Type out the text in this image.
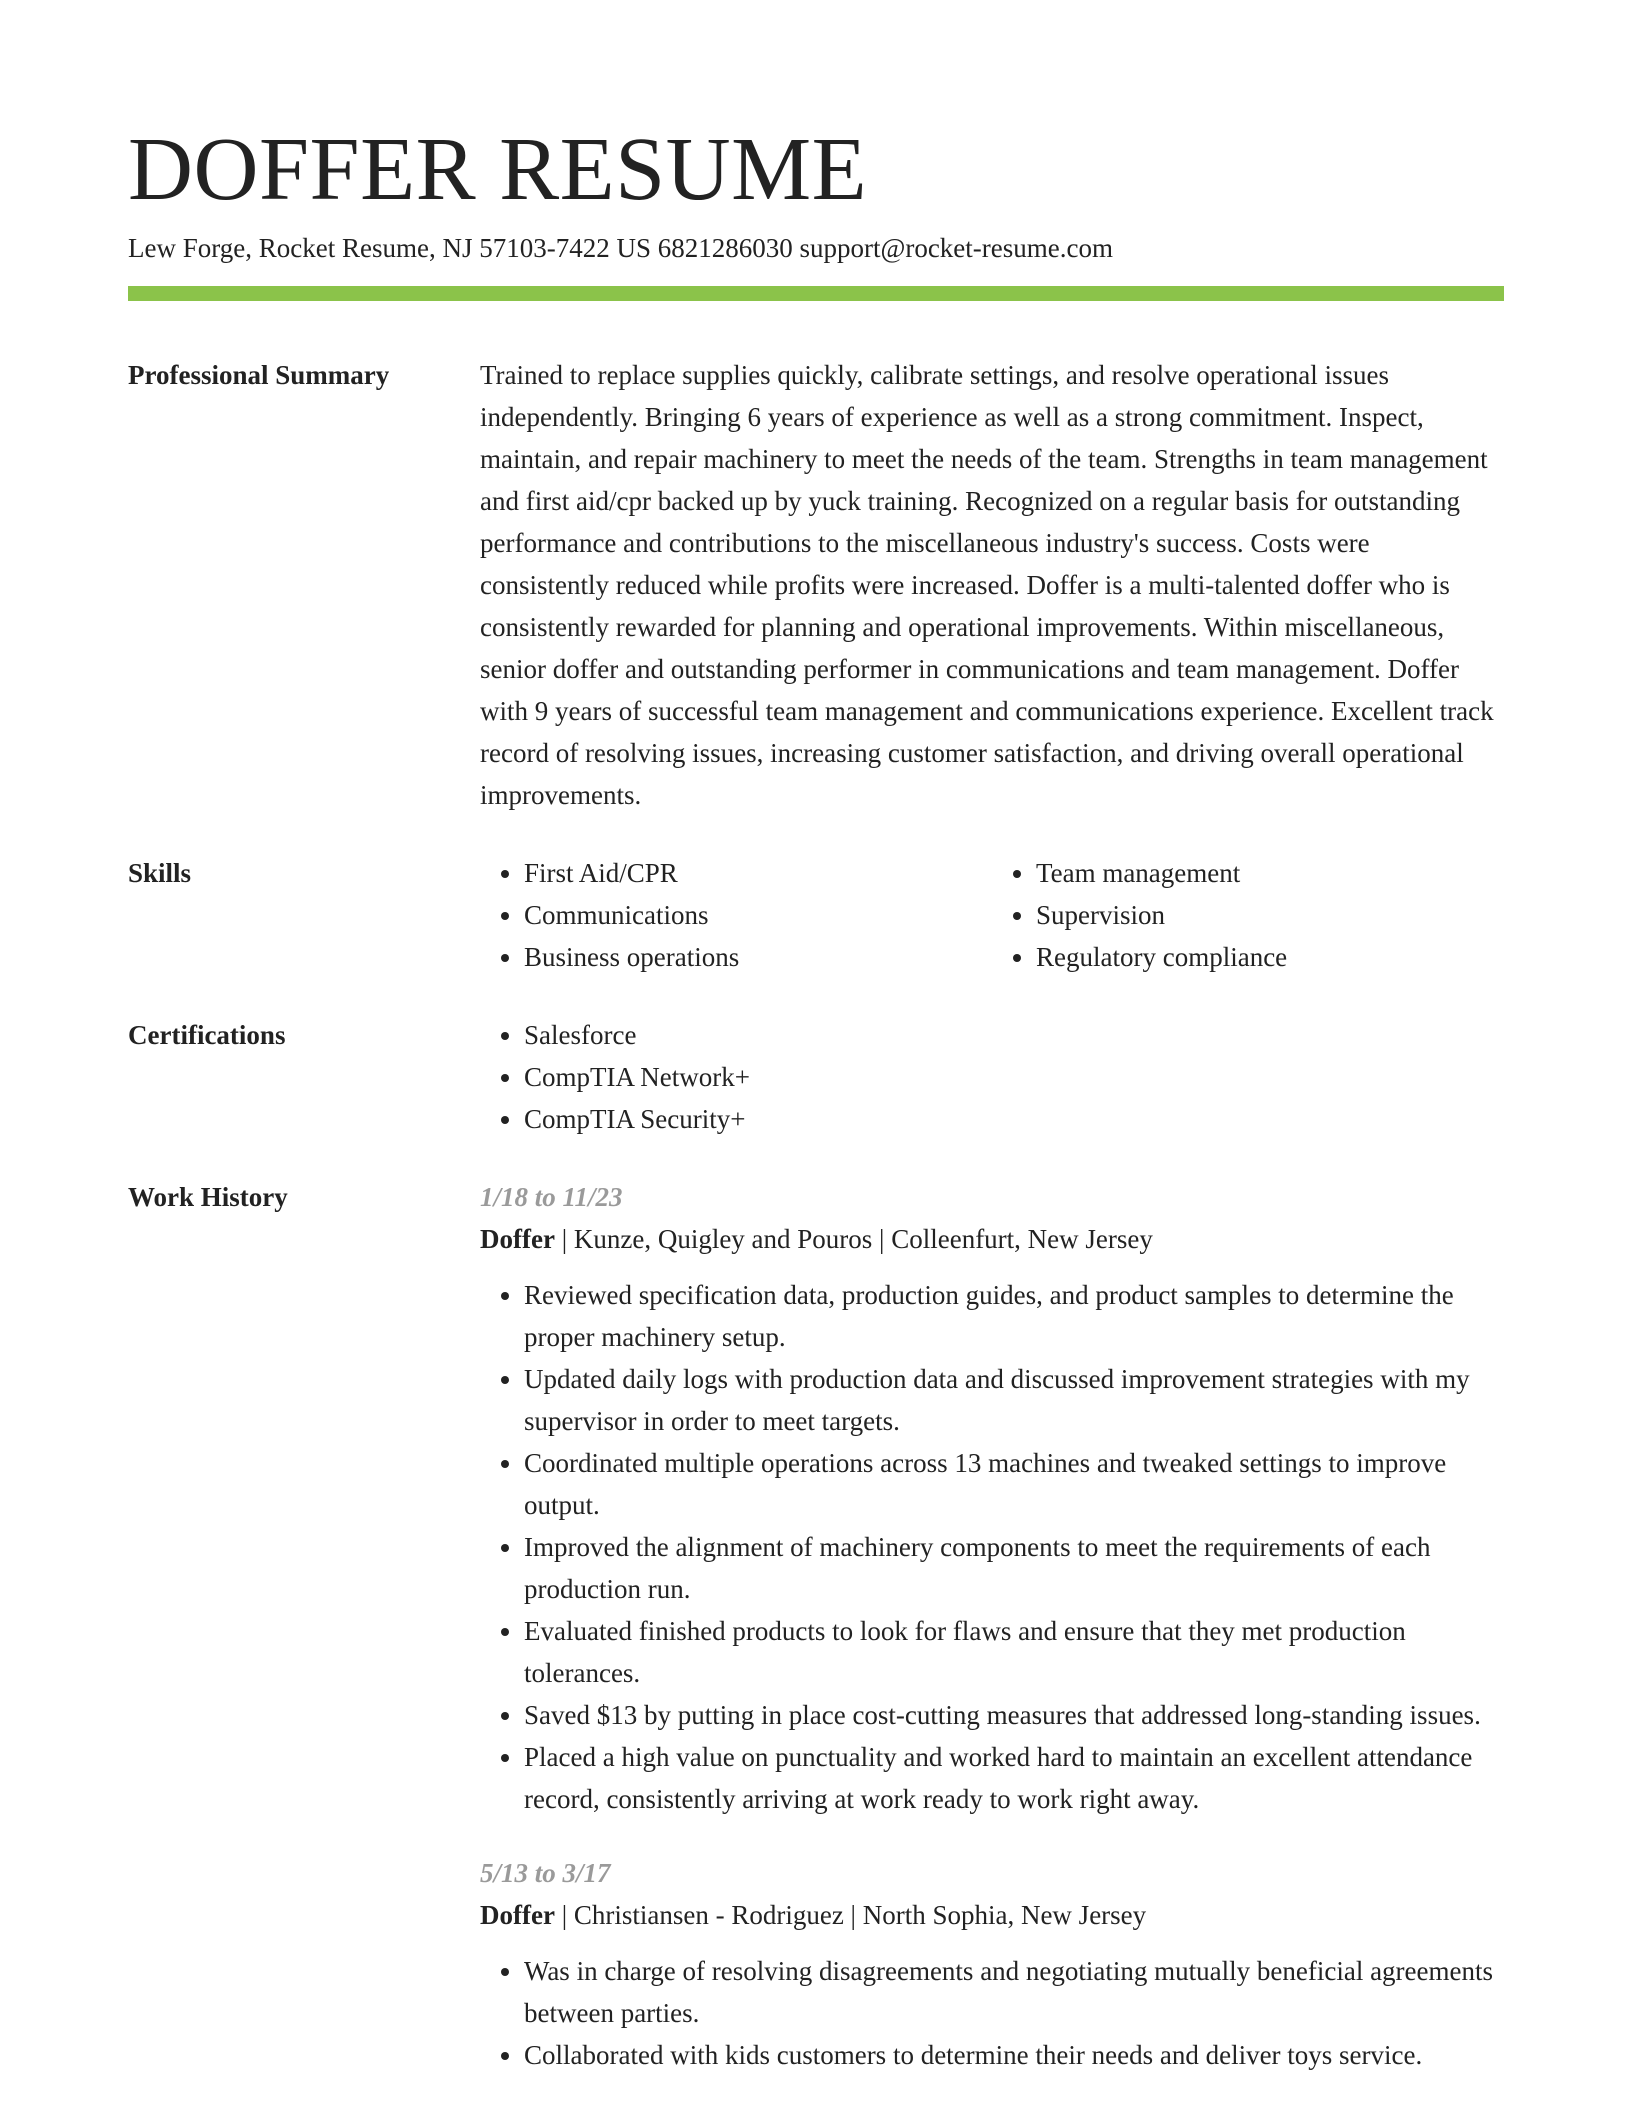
DOFFER RESUME
Lew Forge, Rocket Resume, NJ 57103-7422 US 6821286030 support@rocket-resume.com
Professional Summary	Trained to replace supplies quickly, calibrate settings, and resolve operational issues independently. Bringing 6 years of experience as well as a strong commitment. Inspect, maintain, and repair machinery to meet the needs of the team. Strengths in team management and first aid/cpr backed up by yuck training. Recognized on a regular basis for outstanding performance and contributions to the miscellaneous industry's success. Costs were consistently reduced while profits were increased. Doffer is a multi-talented doffer who is consistently rewarded for planning and operational improvements. Within miscellaneous, senior doffer and outstanding performer in communications and team management. Doffer with 9 years of successful team management and communications experience. Excellent track record of resolving issues, increasing customer satisfaction, and driving overall operational improvements.

Skills	• First Aid/CPR
• Communications
• Business operations
• Team management
• Supervision
• Regulatory compliance
Certifications	• Salesforce
• CompTIA Network+
• CompTIA Security+
Work History	1/18 to 11/23
Doffer | Kunze, Quigley and Pouros | Colleenfurt, New Jersey
• Reviewed specification data, production guides, and product samples to determine the proper machinery setup.
• Updated daily logs with production data and discussed improvement strategies with my supervisor in order to meet targets.
• Coordinated multiple operations across 13 machines and tweaked settings to improve output.
• Improved the alignment of machinery components to meet the requirements of each production run.
• Evaluated finished products to look for flaws and ensure that they met production tolerances.
• Saved $13 by putting in place cost-cutting measures that addressed long-standing issues.
• Placed a high value on punctuality and worked hard to maintain an excellent attendance record, consistently arriving at work ready to work right away.
5/13 to 3/17
Doffer | Christiansen - Rodriguez | North Sophia, New Jersey
• Was in charge of resolving disagreements and negotiating mutually beneficial agreements between parties.
• Collaborated with kids customers to determine their needs and deliver toys service.
